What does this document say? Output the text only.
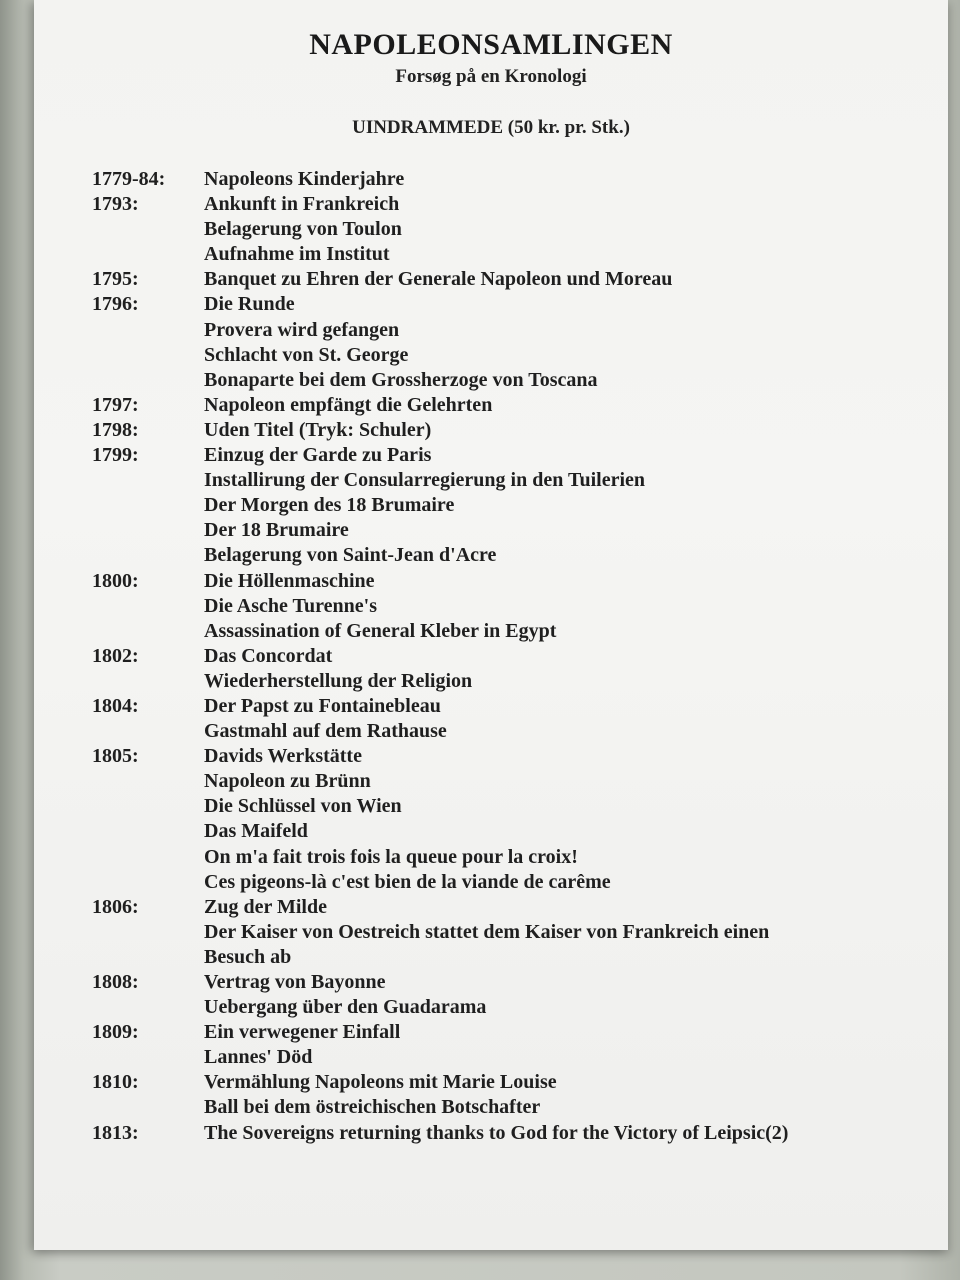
NAPOLEONSAMLINGEN
Forsøg på en Kronologi
UINDRAMMEDE (50 kr. pr. Stk.)
1779-84:	Napoleons Kinderjahre
1793:	Ankunft in Frankreich
Belagerung von Toulon
Aufnahme im Institut
1795:	Banquet zu Ehren der Generale Napoleon und Moreau
1796:	Die Runde
Provera wird gefangen
Schlacht von St. George
Bonaparte bei dem Grossherzoge von Toscana
1797:	Napoleon empfängt die Gelehrten
1798:	Uden Titel (Tryk: Schuler)
1799:	Einzug der Garde zu Paris
Installirung der Consularregierung in den Tuilerien
Der Morgen des 18 Brumaire
Der 18 Brumaire
Belagerung von Saint-Jean d'Acre
1800:	Die Höllenmaschine
Die Asche Turenne's
Assassination of General Kleber in Egypt
1802:	Das Concordat
Wiederherstellung der Religion
1804:	Der Papst zu Fontainebleau
Gastmahl auf dem Rathause
1805:	Davids Werkstätte
Napoleon zu Brünn
Die Schlüssel von Wien
Das Maifeld
On m'a fait trois fois la queue pour la croix!
Ces pigeons-là c'est bien de la viande de carême
1806:	Zug der Milde
Der Kaiser von Oestreich stattet dem Kaiser von Frankreich einen
Besuch ab
1808:	Vertrag von Bayonne
Uebergang über den Guadarama
1809:	Ein verwegener Einfall
Lannes' Död
1810:	Vermählung Napoleons mit Marie Louise
Ball bei dem östreichischen Botschafter
1813:	The Sovereigns returning thanks to God for the Victory of Leipsic(2)
